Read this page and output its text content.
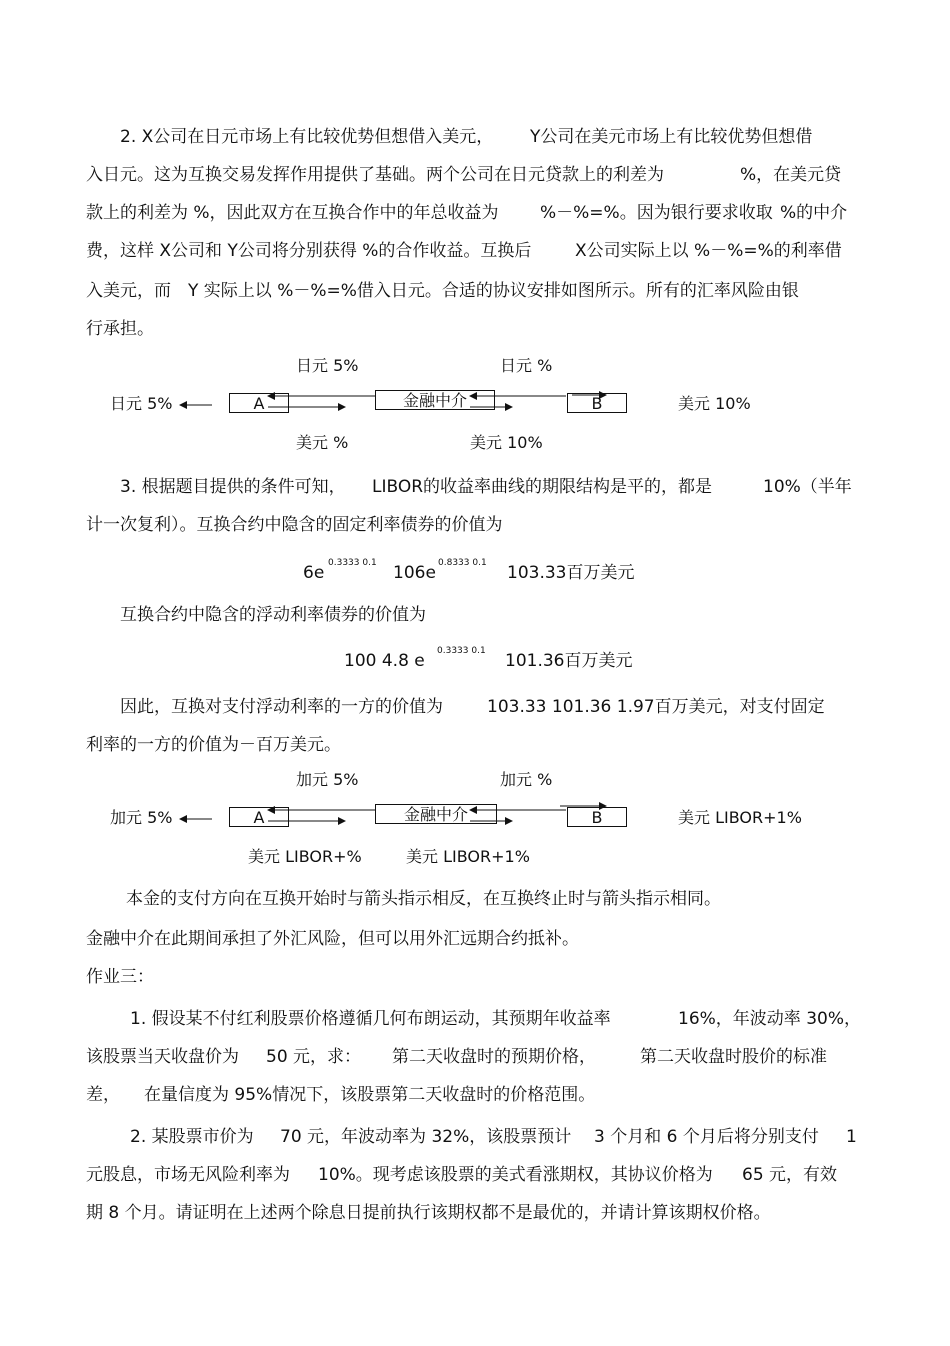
2. X公司在日元市场上有比较优势但想借入美元， Y公司在美元市场上有比较优势但想借
入日元。这为互换交易发挥作用提供了基础。两个公司在日元贷款上的利差为	%，在美元贷
款上的利差为 %，因此双方在互换合作中的年总收益为 %－%=%。因为银行要求收取 %的中介
费，这样 X公司和 Y公司将分别获得 %的合作收益。互换后	X公司实际上以 %－%=%的利率借
入美元，而 Y 实际上以 %－%=%借入日元。合适的协议安排如图所示。所有的汇率风险由银
行承担。
日元 5%	日元 %
日元 5%	A	金融中介	B	美元 10%
美元 %	美元 10%
3. 根据题目提供的条件可知， LIBOR的收益率曲线的期限结构是平的，都是	10%（半年
计一次复利）。互换合约中隐含的固定利率债券的价值为
6e 0.3333 0.1 106e 0.8333 0.1 103.33百万美元
互换合约中隐含的浮动利率债券的价值为
100 4.8 e 0.3333 0.1 101.36百万美元
因此，互换对支付浮动利率的一方的价值为	103.33 101.36 1.97百万美元，对支付固定
利率的一方的价值为－百万美元。
加元 5%	加元 %
加元 5%	A	金融中介	B	美元 LIBOR+1%
美元 LIBOR+%	美元 LIBOR+1%
本金的支付方向在互换开始时与箭头指示相反，在互换终止时与箭头指示相同。
金融中介在此期间承担了外汇风险，但可以用外汇远期合约抵补。
作业三：
1. 假设某不付红利股票价格遵循几何布朗运动，其预期年收益率	16%，年波动率 30%，
该股票当天收盘价为 50 元，求： 第二天收盘时的预期价格，	第二天收盘时股价的标准
差， 在量信度为 95%情况下，该股票第二天收盘时的价格范围。
2. 某股票市价为 70 元，年波动率为 32%，该股票预计 3 个月和 6 个月后将分别支付 1
元股息，市场无风险利率为 10%。现考虑该股票的美式看涨期权，其协议价格为 65 元，有效
期 8 个月。请证明在上述两个除息日提前执行该期权都不是最优的，并请计算该期权价格。
